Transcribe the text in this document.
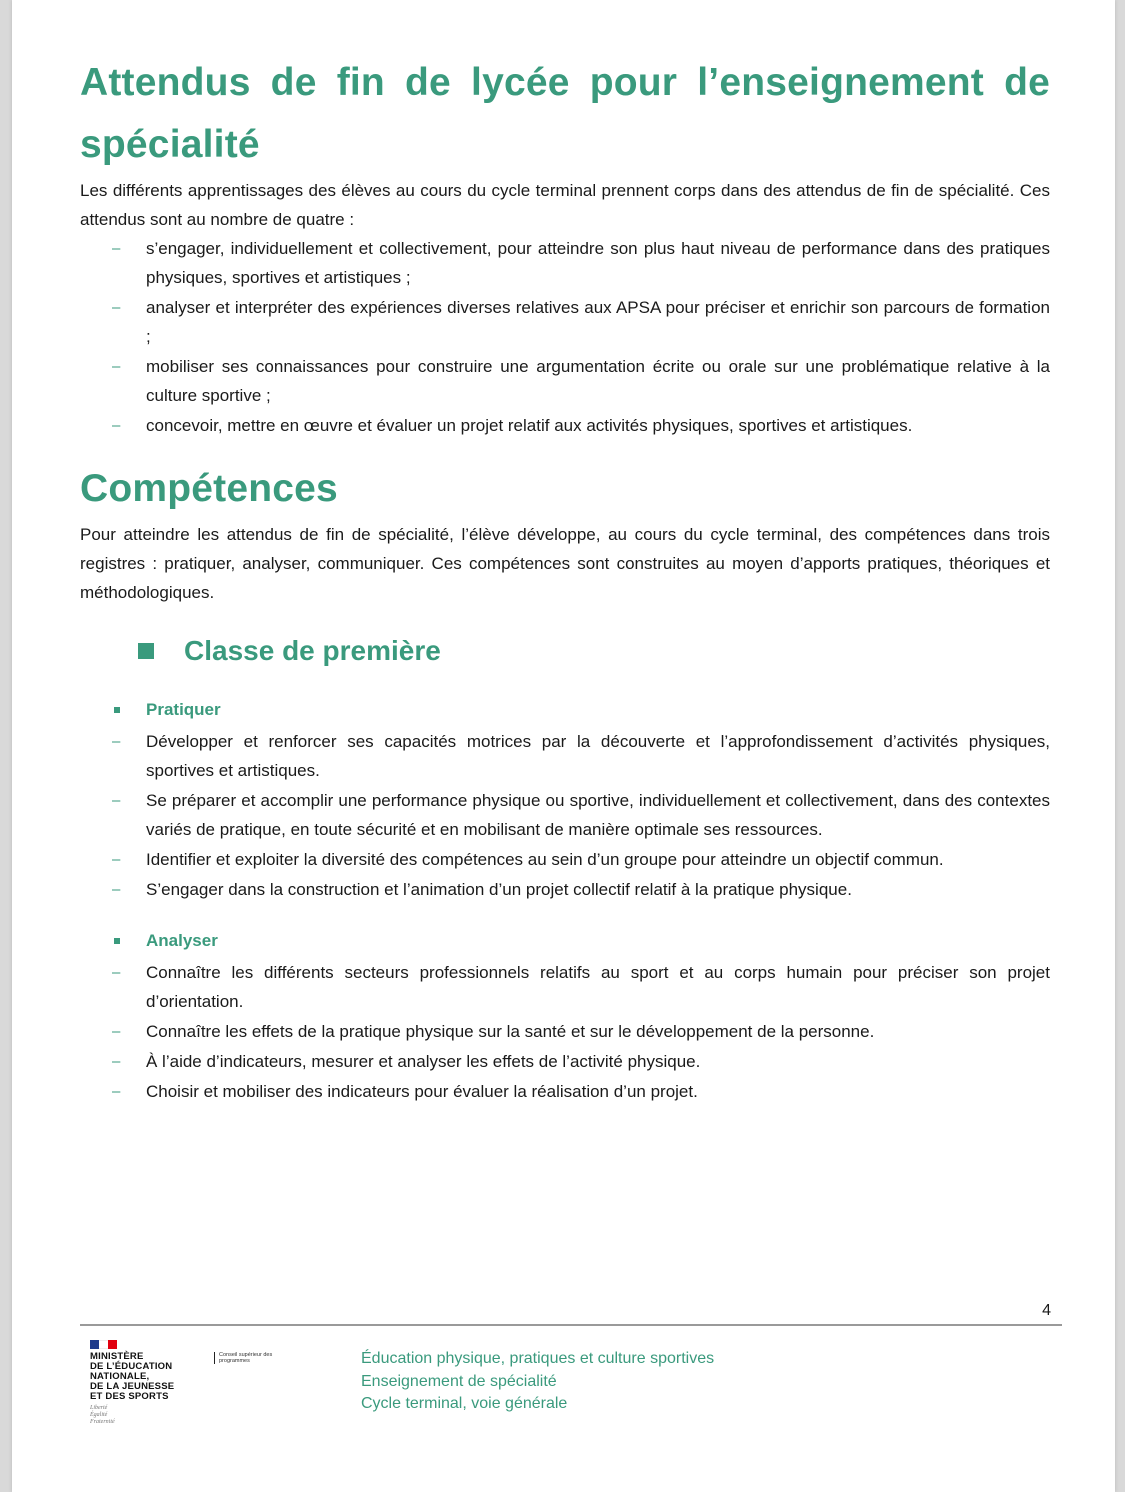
Attendus de fin de lycée pour l’enseignement de spécialité

Les différents apprentissages des élèves au cours du cycle terminal prennent corps dans des attendus de fin de spécialité. Ces attendus sont au nombre de quatre :

– s’engager, individuellement et collectivement, pour atteindre son plus haut niveau de performance dans des pratiques physiques, sportives et artistiques ;
– analyser et interpréter des expériences diverses relatives aux APSA pour préciser et enrichir son parcours de formation ;
– mobiliser ses connaissances pour construire une argumentation écrite ou orale sur une problématique relative à la culture sportive ;
– concevoir, mettre en œuvre et évaluer un projet relatif aux activités physiques, sportives et artistiques.
Compétences

Pour atteindre les attendus de fin de spécialité, l’élève développe, au cours du cycle terminal, des compétences dans trois registres : pratiquer, analyser, communiquer. Ces compétences sont construites au moyen d’apports pratiques, théoriques et méthodologiques.

Classe de première
Pratiquer
– Développer et renforcer ses capacités motrices par la découverte et l’approfondissement d’activités physiques, sportives et artistiques.
– Se préparer et accomplir une performance physique ou sportive, individuellement et collectivement, dans des contextes variés de pratique, en toute sécurité et en mobilisant de manière optimale ses ressources.
– Identifier et exploiter la diversité des compétences au sein d’un groupe pour atteindre un objectif commun.
– S’engager dans la construction et l’animation d’un projet collectif relatif à la pratique physique.
Analyser
– Connaître les différents secteurs professionnels relatifs au sport et au corps humain pour préciser son projet d’orientation.
– Connaître les effets de la pratique physique sur la santé et sur le développement de la personne.
– À l’aide d’indicateurs, mesurer et analyser les effets de l’activité physique.
– Choisir et mobiliser des indicateurs pour évaluer la réalisation d’un projet.
4
MINISTÈRE
DE L’ÉDUCATION
NATIONALE,
DE LA JEUNESSE
ET DES SPORTS
Liberté
Égalité
Fraternité
Conseil supérieur des programmes	Éducation physique, pratiques et culture sportives
Enseignement de spécialité
Cycle terminal, voie générale
